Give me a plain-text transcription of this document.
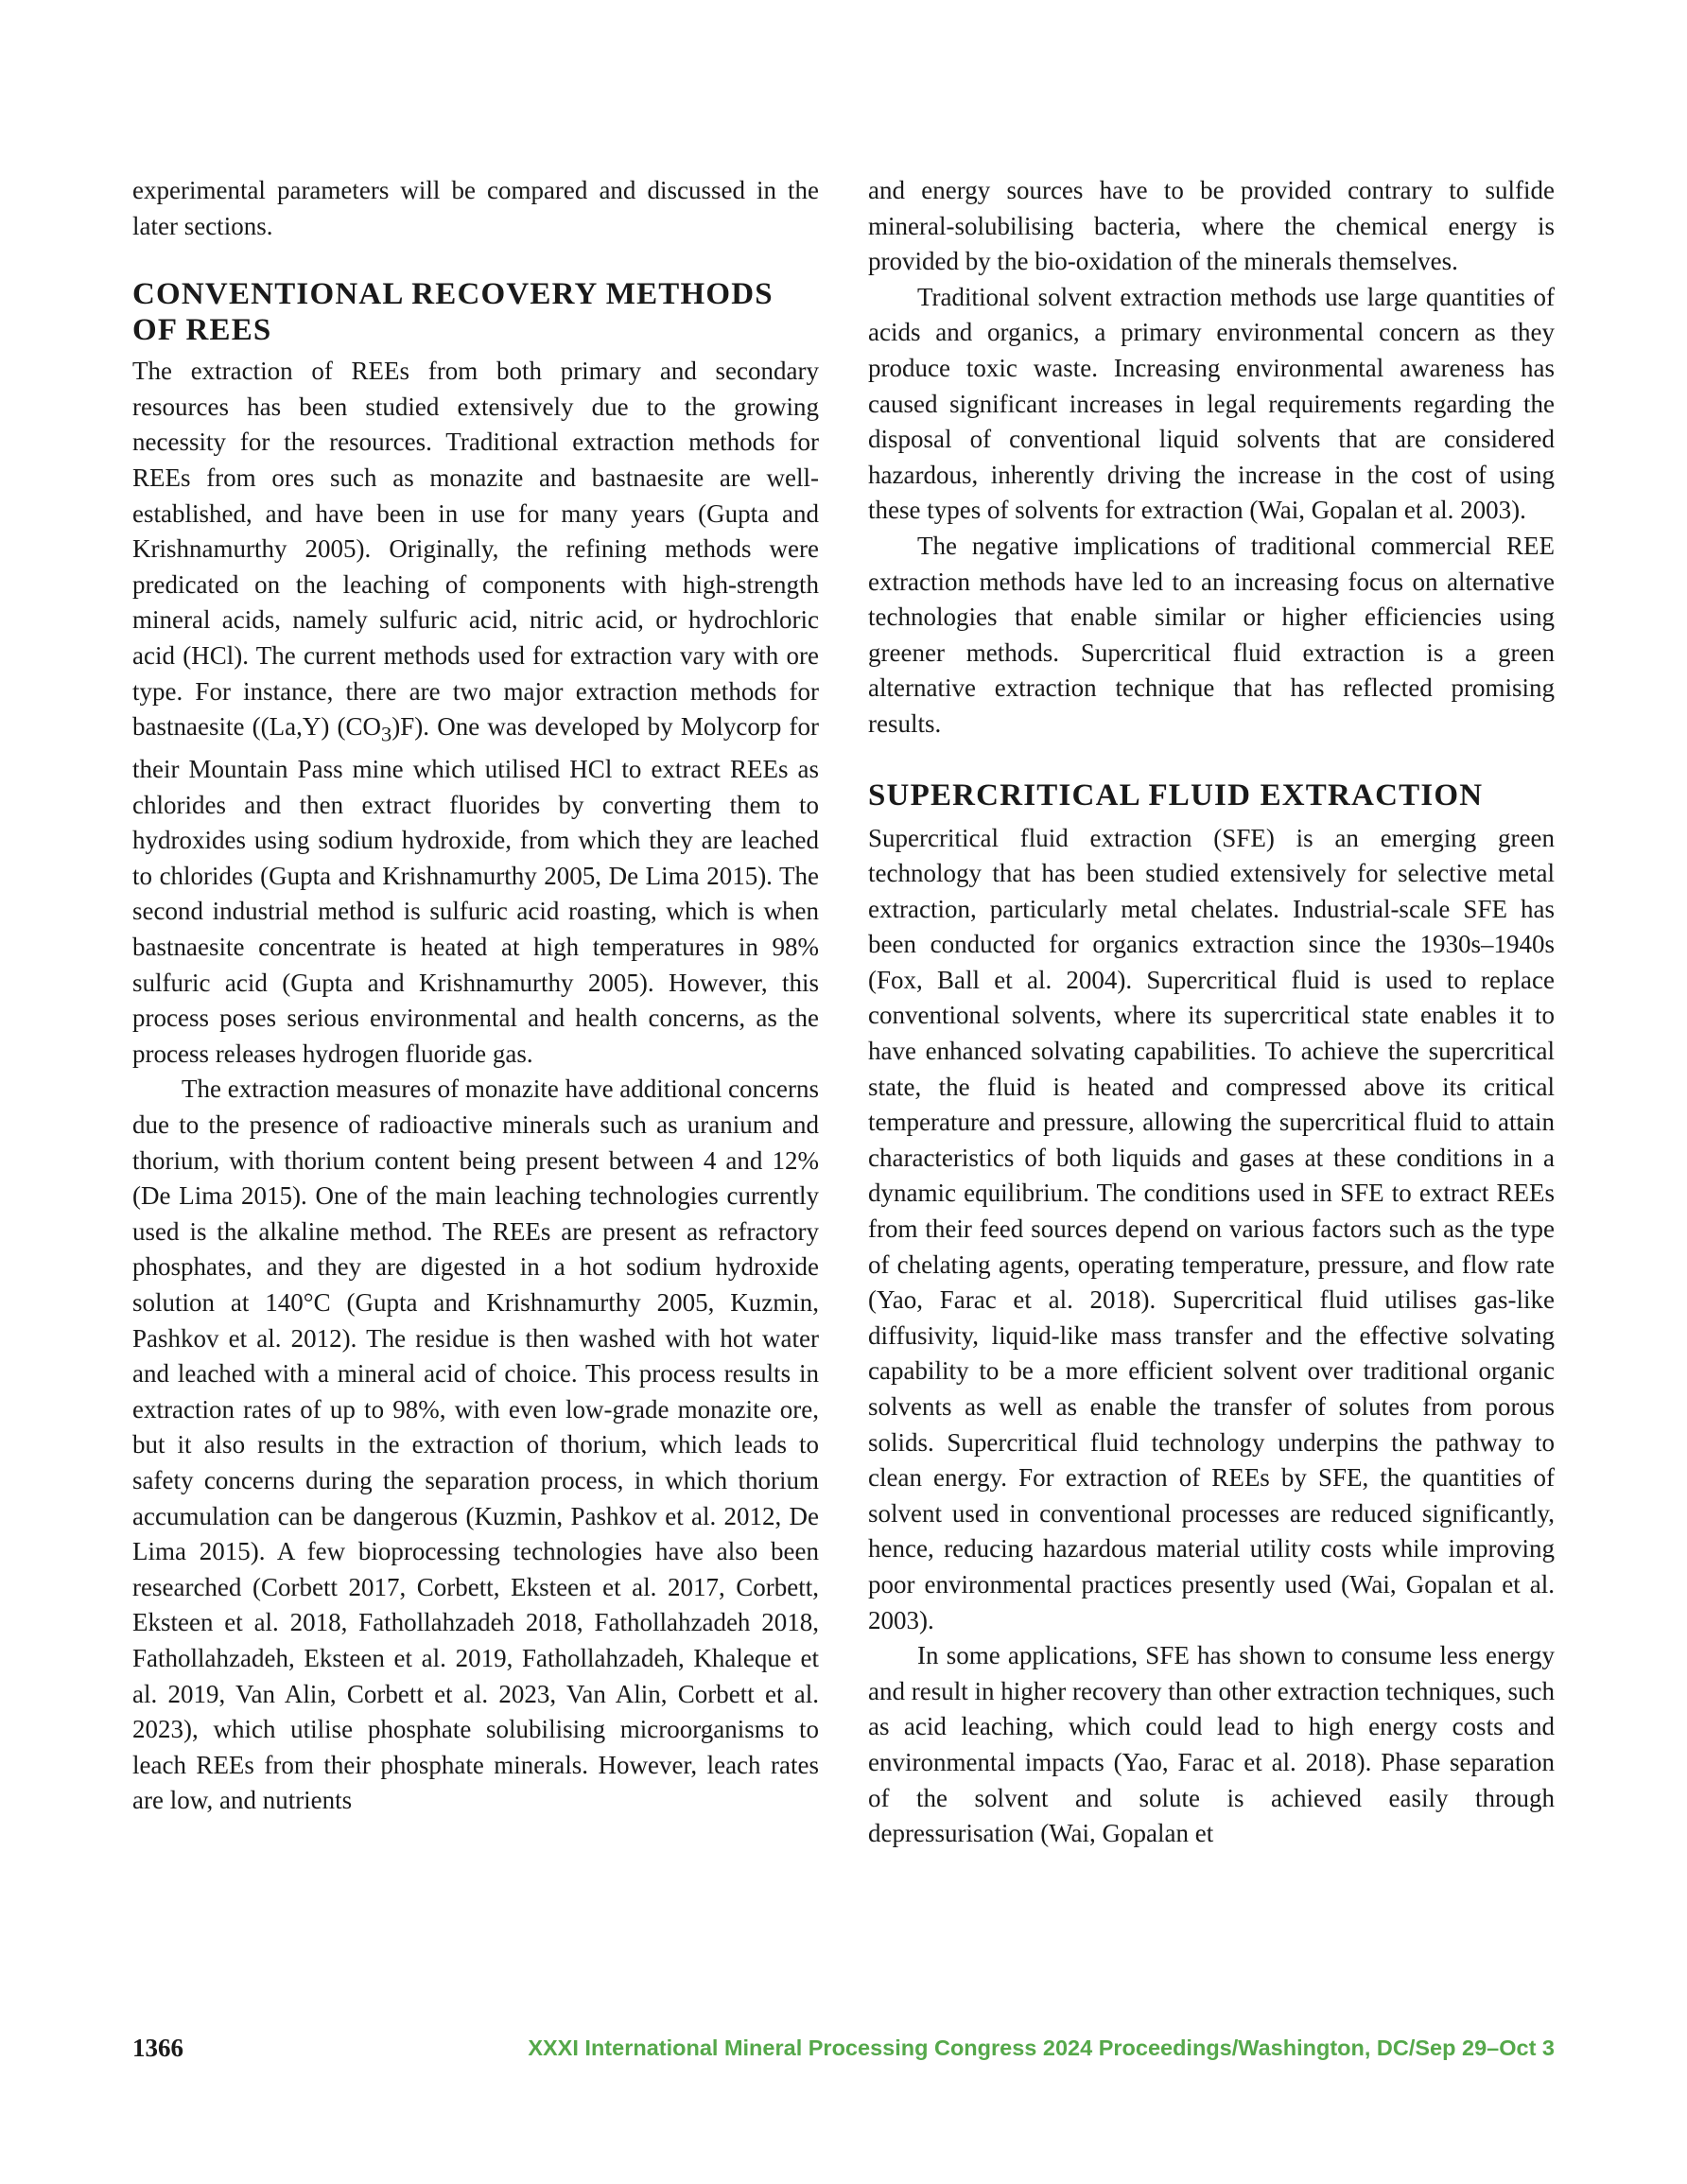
experimental parameters will be compared and discussed in the later sections.

CONVENTIONAL RECOVERY METHODS OF REES

The extraction of REEs from both primary and secondary resources has been studied extensively due to the growing necessity for the resources. Traditional extraction methods for REEs from ores such as monazite and bastnaesite are well-established, and have been in use for many years (Gupta and Krishnamurthy 2005). Originally, the refining methods were predicated on the leaching of components with high-strength mineral acids, namely sulfuric acid, nitric acid, or hydrochloric acid (HCl). The current methods used for extraction vary with ore type. For instance, there are two major extraction methods for bastnaesite ((La,Y) $(CO_3)F$). One was developed by Molycorp for their Mountain Pass mine which utilised HCl to extract REEs as chlorides and then extract fluorides by converting them to hydroxides using sodium hydroxide, from which they are leached to chlorides (Gupta and Krishnamurthy 2005, De Lima 2015). The second industrial method is sulfuric acid roasting, which is when bastnaesite concentrate is heated at high temperatures in 98% sulfuric acid (Gupta and Krishnamurthy 2005). However, this process poses serious environmental and health concerns, as the process releases hydrogen fluoride gas.

The extraction measures of monazite have additional concerns due to the presence of radioactive minerals such as uranium and thorium, with thorium content being present between 4 and 12% (De Lima 2015). One of the main leaching technologies currently used is the alkaline method. The REEs are present as refractory phosphates, and they are digested in a hot sodium hydroxide solution at 140°C (Gupta and Krishnamurthy 2005, Kuzmin, Pashkov et al. 2012). The residue is then washed with hot water and leached with a mineral acid of choice. This process results in extraction rates of up to 98%, with even low-grade monazite ore, but it also results in the extraction of thorium, which leads to safety concerns during the separation process, in which thorium accumulation can be dangerous (Kuzmin, Pashkov et al. 2012, De Lima 2015). A few bioprocessing technologies have also been researched (Corbett 2017, Corbett, Eksteen et al. 2017, Corbett, Eksteen et al. 2018, Fathollahzadeh 2018, Fathollahzadeh 2018, Fathollahzadeh, Eksteen et al. 2019, Fathollahzadeh, Khaleque et al. 2019, Van Alin, Corbett et al. 2023, Van Alin, Corbett et al. 2023), which utilise phosphate solubilising microorganisms to leach REEs from their phosphate minerals. However, leach rates are low, and nutrients

and energy sources have to be provided contrary to sulfide mineral-solubilising bacteria, where the chemical energy is provided by the bio-oxidation of the minerals themselves.

Traditional solvent extraction methods use large quantities of acids and organics, a primary environmental concern as they produce toxic waste. Increasing environmental awareness has caused significant increases in legal requirements regarding the disposal of conventional liquid solvents that are considered hazardous, inherently driving the increase in the cost of using these types of solvents for extraction (Wai, Gopalan et al. 2003).

The negative implications of traditional commercial REE extraction methods have led to an increasing focus on alternative technologies that enable similar or higher efficiencies using greener methods. Supercritical fluid extraction is a green alternative extraction technique that has reflected promising results.

SUPERCRITICAL FLUID EXTRACTION

Supercritical fluid extraction (SFE) is an emerging green technology that has been studied extensively for selective metal extraction, particularly metal chelates. Industrial-scale SFE has been conducted for organics extraction since the 1930s–1940s (Fox, Ball et al. 2004). Supercritical fluid is used to replace conventional solvents, where its supercritical state enables it to have enhanced solvating capabilities. To achieve the supercritical state, the fluid is heated and compressed above its critical temperature and pressure, allowing the supercritical fluid to attain characteristics of both liquids and gases at these conditions in a dynamic equilibrium. The conditions used in SFE to extract REEs from their feed sources depend on various factors such as the type of chelating agents, operating temperature, pressure, and flow rate (Yao, Farac et al. 2018). Supercritical fluid utilises gas-like diffusivity, liquid-like mass transfer and the effective solvating capability to be a more efficient solvent over traditional organic solvents as well as enable the transfer of solutes from porous solids. Supercritical fluid technology underpins the pathway to clean energy. For extraction of REEs by SFE, the quantities of solvent used in conventional processes are reduced significantly, hence, reducing hazardous material utility costs while improving poor environmental practices presently used (Wai, Gopalan et al. 2003).

In some applications, SFE has shown to consume less energy and result in higher recovery than other extraction techniques, such as acid leaching, which could lead to high energy costs and environmental impacts (Yao, Farac et al. 2018). Phase separation of the solvent and solute is achieved easily through depressurisation (Wai, Gopalan et

1366	XXXI International Mineral Processing Congress 2024 Proceedings/Washington, DC/Sep 29–Oct 3
